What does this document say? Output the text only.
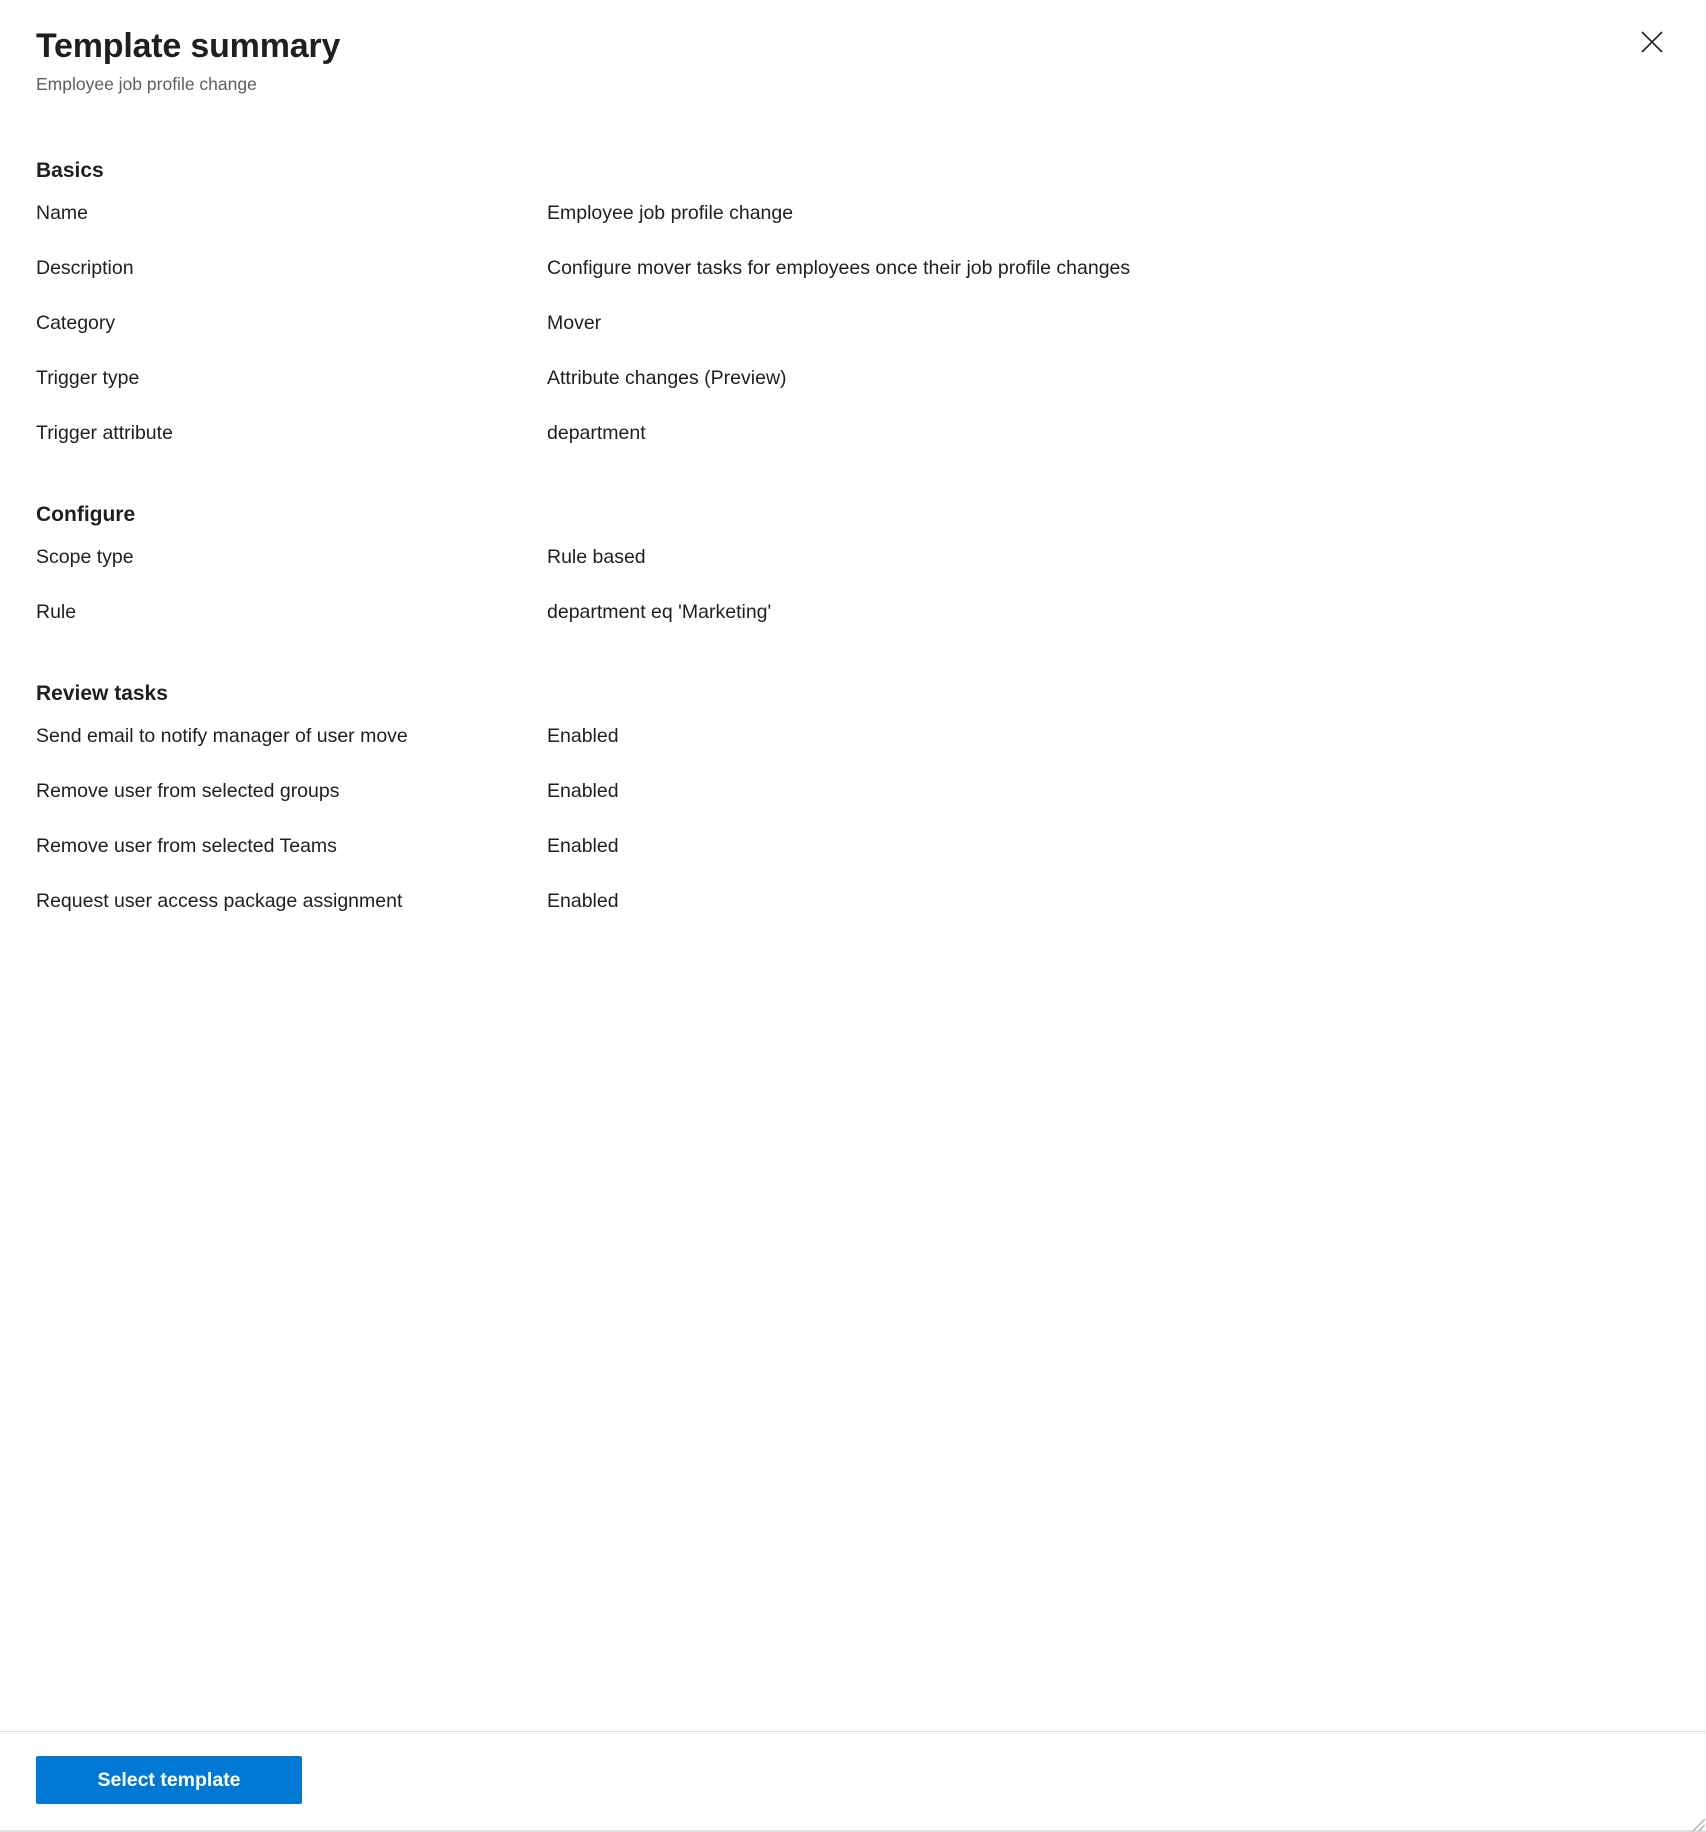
Template summary
Employee job profile change
Basics
Name	Employee job profile change
Description	Configure mover tasks for employees once their job profile changes
Category	Mover
Trigger type	Attribute changes (Preview)
Trigger attribute	department
Configure
Scope type	Rule based
Rule	department eq 'Marketing'
Review tasks
Send email to notify manager of user move	Enabled
Remove user from selected groups	Enabled
Remove user from selected Teams	Enabled
Request user access package assignment	Enabled
Select template
